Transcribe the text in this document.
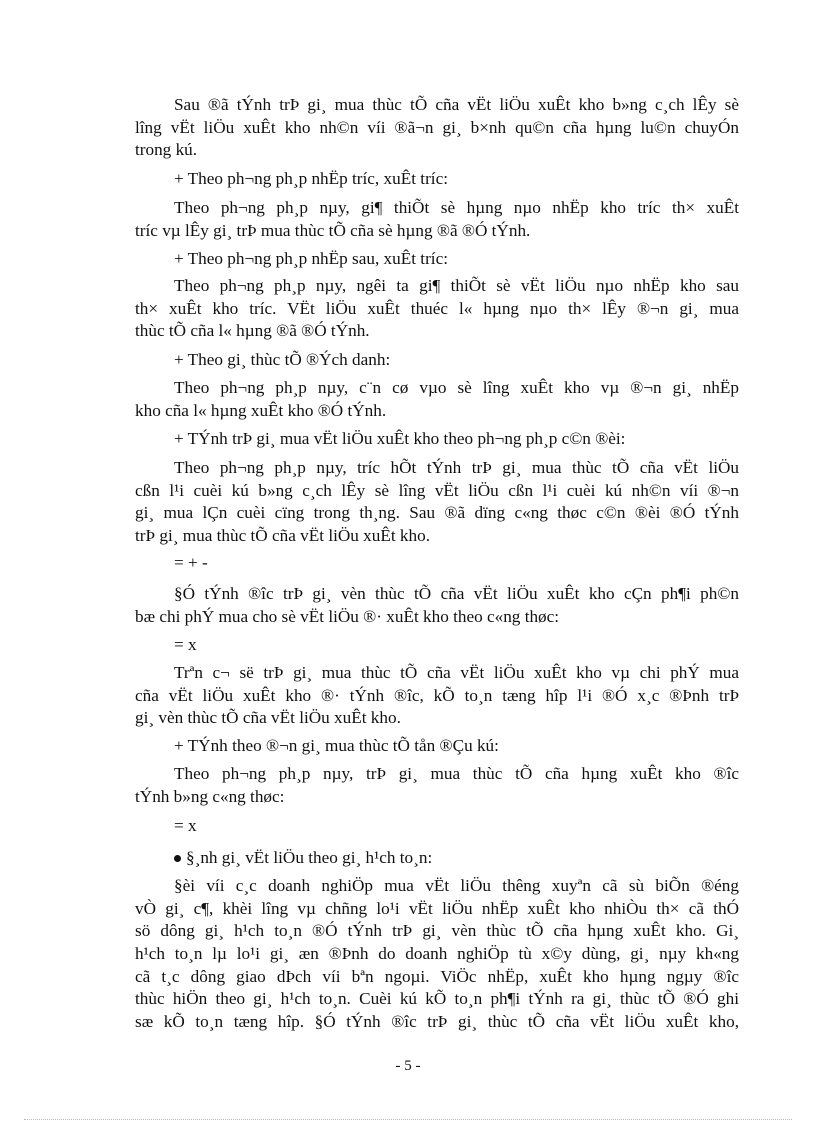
Sau ®ã tÝnh trÞ gi¸ mua thùc tÕ cña vËt liÖu xuÊt kho b»ng c¸ch lÊy sè

lîng vËt liÖu xuÊt kho nh©n víi ®ã¬n gi¸ b×nh qu©n cña hµng lu©n chuyÓn

trong kú.

+ Theo ph¬ng ph¸p nhËp tríc, xuÊt tríc:

Theo ph¬ng ph¸p nµy, gi¶ thiÕt sè hµng nµo nhËp kho tríc th× xuÊt

tríc vµ lÊy gi¸ trÞ mua thùc tÕ cña sè hµng ®ã ®Ó tÝnh.

+ Theo ph¬ng ph¸p nhËp sau, xuÊt tríc:

Theo ph¬ng ph¸p nµy, ngêi ta gi¶ thiÕt sè vËt liÖu nµo nhËp kho sau

th× xuÊt kho tríc. VËt liÖu xuÊt thuéc l« hµng nµo th× lÊy ®¬n gi¸ mua

thùc tÕ cña l« hµng ®ã ®Ó tÝnh.

+ Theo gi¸ thùc tÕ ®Ých danh:

Theo ph¬ng ph¸p nµy, c¨n cø vµo sè lîng xuÊt kho vµ ®¬n gi¸ nhËp

kho cña l« hµng xuÊt kho ®Ó tÝnh.

+ TÝnh trÞ gi¸ mua vËt liÖu xuÊt kho theo ph¬ng ph¸p c©n ®èi:

Theo ph¬ng ph¸p nµy, tríc hÕt tÝnh trÞ gi¸ mua thùc tÕ cña vËt liÖu

cßn l¹i cuèi kú b»ng c¸ch lÊy sè lîng vËt liÖu cßn l¹i cuèi kú nh©n víi ®¬n

gi¸ mua lÇn cuèi cïng trong th¸ng. Sau ®ã dïng c«ng thøc c©n ®èi ®Ó tÝnh

trÞ gi¸ mua thùc tÕ cña vËt liÖu xuÊt kho.

= + -

§Ó tÝnh ®îc trÞ gi¸ vèn thùc tÕ cña vËt liÖu xuÊt kho cÇn ph¶i ph©n

bæ chi phÝ mua cho sè vËt liÖu ®· xuÊt kho theo c«ng thøc:

= x

Trªn c¬ së trÞ gi¸ mua thùc tÕ cña vËt liÖu xuÊt kho vµ chi phÝ mua

cña vËt liÖu xuÊt kho ®· tÝnh ®îc, kÕ to¸n tæng hîp l¹i ®Ó x¸c ®Þnh trÞ

gi¸ vèn thùc tÕ cña vËt liÖu xuÊt kho.

+ TÝnh theo ®¬n gi¸ mua thùc tÕ tån ®Çu kú:

Theo ph¬ng ph¸p nµy, trÞ gi¸ mua thùc tÕ cña hµng xuÊt kho ®îc

tÝnh b»ng c«ng thøc:

= x
§¸nh gi¸ vËt liÖu theo gi¸ h¹ch to¸n:

§èi víi c¸c doanh nghiÖp mua vËt liÖu thêng xuyªn cã sù biÕn ®éng

vÒ gi¸ c¶, khèi lîng vµ chñng lo¹i vËt liÖu nhËp xuÊt kho nhiÒu th× cã thÓ

sö dông gi¸ h¹ch to¸n ®Ó tÝnh trÞ gi¸ vèn thùc tÕ cña hµng xuÊt kho. Gi¸

h¹ch to¸n lµ lo¹i gi¸ æn ®Þnh do doanh nghiÖp tù x©y dùng, gi¸ nµy kh«ng

cã t¸c dông giao dÞch víi bªn ngoµi. ViÖc nhËp, xuÊt kho hµng ngµy ®îc

thùc hiÖn theo gi¸ h¹ch to¸n. Cuèi kú kÕ to¸n ph¶i tÝnh ra gi¸ thùc tÕ ®Ó ghi

sæ kÕ to¸n tæng hîp. §Ó tÝnh ®îc trÞ gi¸ thùc tÕ cña vËt liÖu xuÊt kho,

- 5 -
